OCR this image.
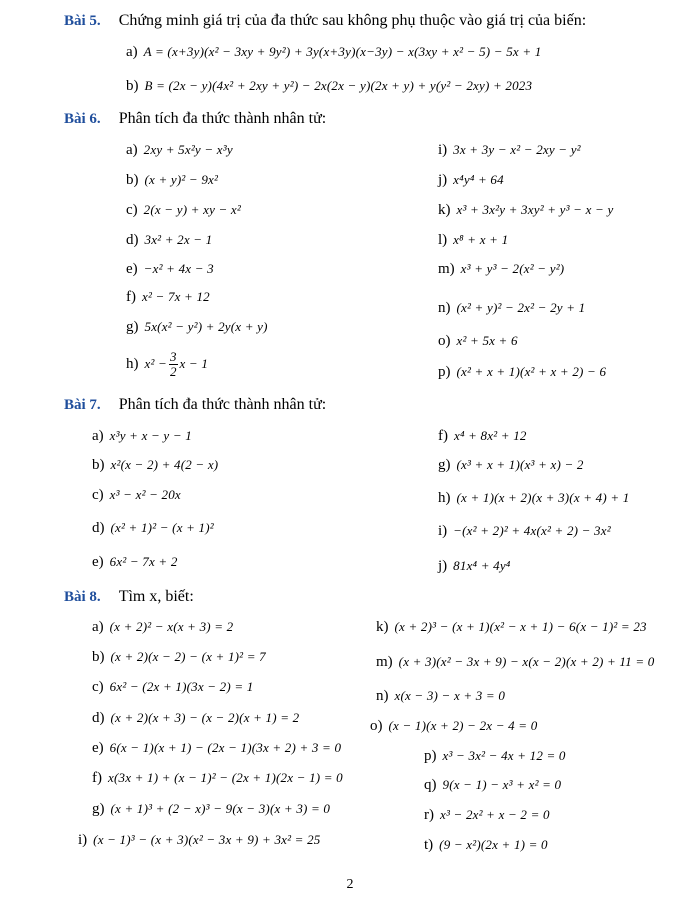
Bài 5. Chứng minh giá trị của đa thức sau không phụ thuộc vào giá trị của biến:
a) A = (x+3y)(x² − 3xy + 9y²) + 3y(x+3y)(x−3y) − x(3xy + x² − 5) − 5x + 1
b) B = (2x − y)(4x² + 2xy + y²) − 2x(2x − y)(2x + y) + y(y² − 2xy) + 2023
Bài 6. Phân tích đa thức thành nhân tử:
a) 2xy + 5x²y − x³y
b) (x + y)² − 9x²
c) 2(x − y) + xy − x²
d) 3x² + 2x − 1
e) −x² + 4x − 3
f) x² − 7x + 12
g) 5x(x² − y²) + 2y(x + y)
h) $x^2 - \frac{3}{2}$ x − 1
i) 3x + 3y − x² − 2xy − y²
j) x⁴y⁴ + 64
k) x³ + 3x²y + 3xy² + y³ − x − y
l) x⁸ + x + 1
m) x³ + y³ − 2(x² − y²)
n) (x² + y)² − 2x² − 2y + 1
o) x² + 5x + 6
p) (x² + x + 1)(x² + x + 2) − 6
Bài 7. Phân tích đa thức thành nhân tử:
a) x³y + x − y − 1
b) x²(x − 2) + 4(2 − x)
c) x³ − x² − 20x
d) (x² + 1)² − (x + 1)²
e) 6x² − 7x + 2
f) x⁴ + 8x² + 12
g) (x³ + x + 1)(x³ + x) − 2
h) (x + 1)(x + 2)(x + 3)(x + 4) + 1
i) −(x² + 2)² + 4x(x² + 2) − 3x²
j) 81x⁴ + 4y⁴
Bài 8. Tìm x, biết:
a) (x + 2)² − x(x + 3) = 2
b) (x + 2)(x − 2) − (x + 1)² = 7
c) 6x² − (2x + 1)(3x − 2) = 1
d) (x + 2)(x + 3) − (x − 2)(x + 1) = 2
e) 6(x − 1)(x + 1) − (2x − 1)(3x + 2) + 3 = 0
f) x(3x + 1) + (x − 1)² − (2x + 1)(2x − 1) = 0
g) (x + 1)³ + (2 − x)³ − 9(x − 3)(x + 3) = 0
i) (x − 1)³ − (x + 3)(x² − 3x + 9) + 3x² = 25
k) (x + 2)³ − (x + 1)(x² − x + 1) − 6(x − 1)² = 23
m) (x + 3)(x² − 3x + 9) − x(x − 2)(x + 2) + 11 = 0
n) x(x − 3) − x + 3 = 0
o) (x − 1)(x + 2) − 2x − 4 = 0
p) x³ − 3x² − 4x + 12 = 0
q) 9(x − 1) − x³ + x² = 0
r) x³ − 2x² + x − 2 = 0
t) (9 − x²)(2x + 1) = 0
2
